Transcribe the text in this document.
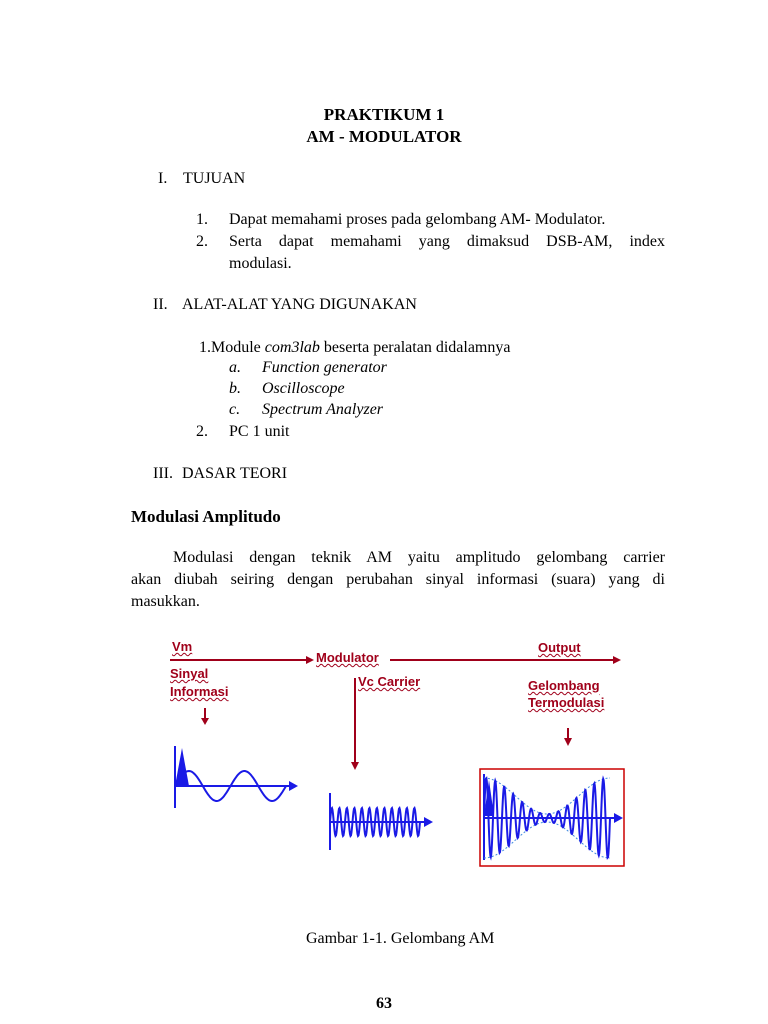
PRAKTIKUM 1
AM - MODULATOR
I. TUJUAN
1. Dapat memahami proses pada gelombang AM- Modulator.
2. Serta dapat memahami yang dimaksud DSB-AM, index
modulasi.
II. ALAT-ALAT YANG DIGUNAKAN
1.Module com3lab beserta peralatan didalamnya
a. Function generator
b. Oscilloscope
c. Spectrum Analyzer
2. PC 1 unit
III. DASAR TEORI
Modulasi Amplitudo
Modulasi dengan teknik AM yaitu amplitudo gelombang carrier
akan diubah seiring dengan perubahan sinyal informasi (suara) yang di
masukkan.
Vm
Sinyal
Informasi
Modulator
Vc Carrier
Output
Gelombang
Termodulasi
Gambar 1-1. Gelombang AM
63
